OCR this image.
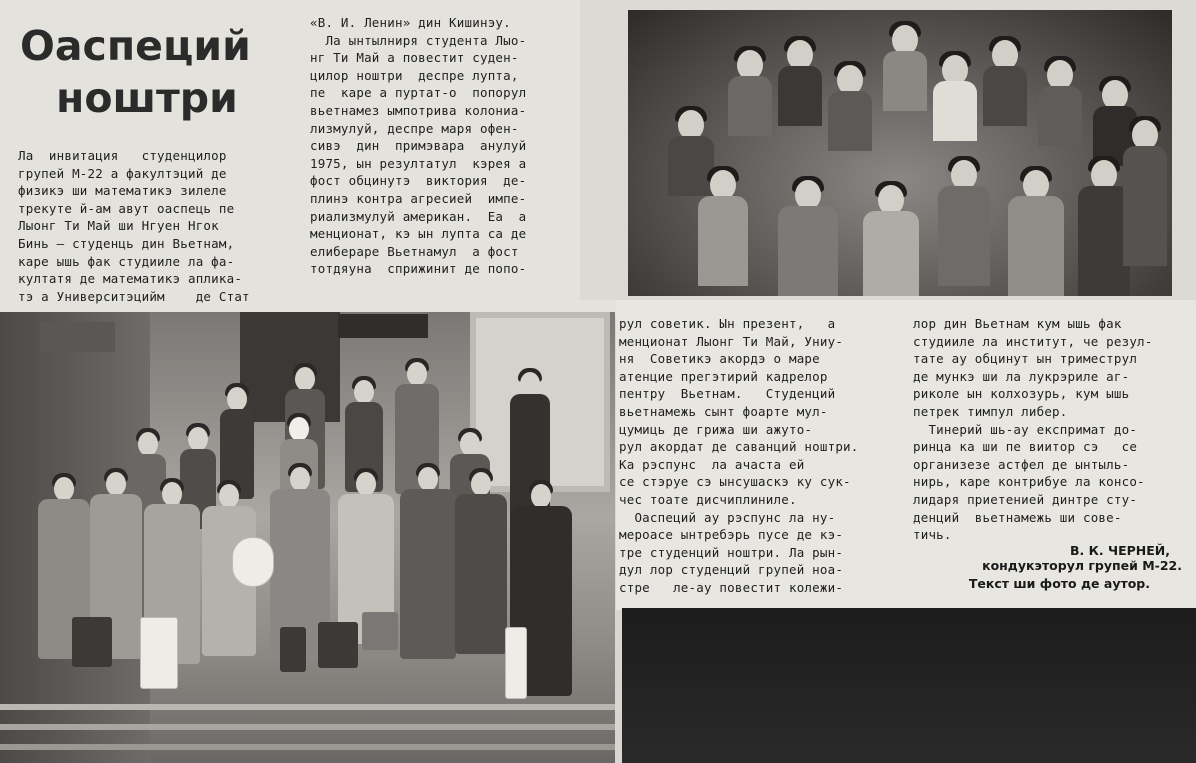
Оаспеций

ноштри
Ла  инвитация   студенцилор
групей М-22 а факултэций де
физикэ ши математикэ зилеле
трекуте й-ам авут оаспець пе
Лыонг Ти Май ши Нгуен Нгок
Бинь — студенць дин Вьетнам,
каре ышь фак студииле ла фа-
култатя де математикэ аплика-
тэ а Университэцийм    де Стат
«В. И. Ленин» дин Кишинэу.
Ла ынтылниря студента Лыо-
нг Ти Май а повестит суден-
цилор ноштри  деспре лупта,
пе  каре а пуртат-о  попорул
вьетнамез ымпотрива колониа-
лизмулуй, деспре маря офен-
сивэ  дин  примэвара  анулуй
1975, ын резултатул  кэрея а
фост обцинутэ  виктория  де-
плинэ контра агресией  импе-
риализмулуй американ.  Еа  а
менционат, кэ ын лупта са де
елибераре Вьетнамул  а фост
тотдяуна  сприжинит де попо-
рул советик. Ын презент,   а
менционат Лыонг Ти Май, Униу-
ня  Советикэ акордэ о маре
атенцие прегэтирий кадрелор
пентру  Вьетнам.   Студенций
вьетнамежь сынт фоарте мул-
цумиць де грижа ши ажуто-
рул акордат де саванций ноштри.
Ка рэспунс  ла ачаста ей
се стэруе сэ ынсушаскэ ку сук-
чес тоате дисчиплиниле.
Оаспеций ау рэспунс ла ну-
мероасе ынтребэрь пусе де кэ-
тре студенций ноштри. Ла рын-
дул лор студенций групей ноа-
стре   ле-ау повестит колежи-
лор дин Вьетнам кум ышь фак
студииле ла институт, че резул-
тате ау обцинут ын триместрул
де мункэ ши ла лукрэриле аг-
риколе ын колхозурь, кум ышь
петрек тимпул либер.
Тинерий шь-ау експримат до-
ринца ка ши пе виитор сэ   се
организезе астфел де ынтыль-
нирь, каре контрибуе ла консо-
лидаря приетенией динтре сту-
денций  вьетнамежь ши сове-
тичь.
В. К. ЧЕРНЕЙ,
кондукэторул групей М-22.
Текст ши фото де аутор.
